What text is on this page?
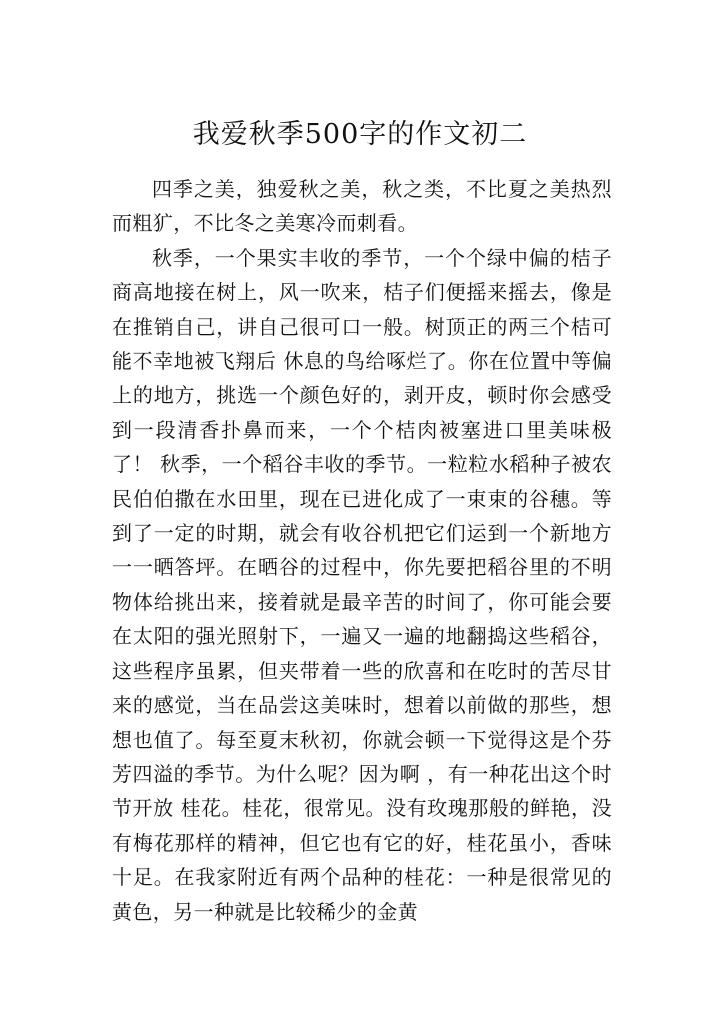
我爱秋季500字的作文初二

四季之美，独爱秋之美，秋之类，不比夏之美热烈而粗犷，不比冬之美寒冷而刺看。

秋季，一个果实丰收的季节，一个个绿中偏的桔子商高地接在树上，风一吹来，桔子们便摇来摇去，像是在推销自己，讲自己很可口一般。树顶正的两三个桔可能不幸地被飞翔后 休息的鸟给啄烂了。你在位置中等偏上的地方，挑选一个颜色好的，剥开皮，顿时你会感受到一段清香扑鼻而来，一个个桔肉被塞进口里美味极了！ 秋季，一个稻谷丰收的季节。一粒粒水稻种子被农民伯伯撒在水田里，现在已进化成了一束束的谷穗。等到了一定的时期，就会有收谷机把它们运到一个新地方一一晒答坪。在晒谷的过程中，你先要把稻谷里的不明物体给挑出来，接着就是最辛苦的时间了，你可能会要在太阳的强光照射下，一遍又一遍的地翻捣这些稻谷，这些程序虽累，但夹带着一些的欣喜和在吃时的苦尽甘来的感觉，当在品尝这美味时，想着以前做的那些，想想也值了。每至夏末秋初，你就会顿一下觉得这是个芬芳四溢的季节。为什么呢？因为啊 ，有一种花出这个时节开放 桂花。桂花，很常见。没有玫瑰那般的鲜艳，没有梅花那样的精神，但它也有它的好，桂花虽小，香味十足。在我家附近有两个品种的桂花：一种是很常见的黄色，另一种就是比较稀少的金黄
